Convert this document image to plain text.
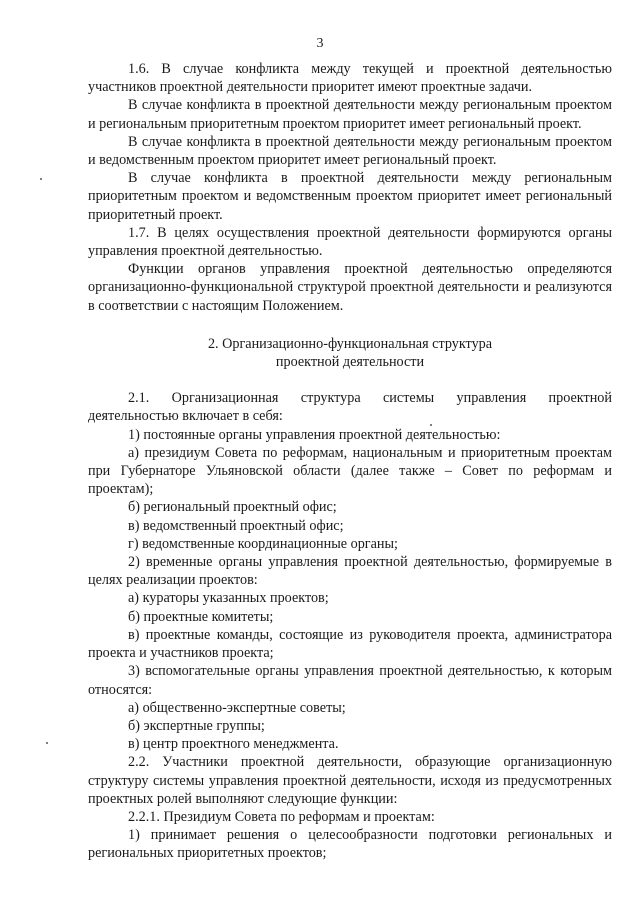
3

1.6. В случае конфликта между текущей и проектной деятельностью участников проектной деятельности приоритет имеют проектные задачи.

В случае конфликта в проектной деятельности между региональным проектом и региональным приоритетным проектом приоритет имеет региональный проект.

В случае конфликта в проектной деятельности между региональным проектом и ведомственным проектом приоритет имеет региональный проект.

В случае конфликта в проектной деятельности между региональным приоритетным проектом и ведомственным проектом приоритет имеет региональный приоритетный проект.

1.7. В целях осуществления проектной деятельности формируются органы управления проектной деятельностью.

Функции органов управления проектной деятельностью определяются организационно-функциональной структурой проектной деятельности и реализуются в соответствии с настоящим Положением.

2. Организационно-функциональная структура
проектной деятельности

2.1. Организационная структура системы управления проектной деятельностью включает в себя:

1) постоянные органы управления проектной деятельностью:

а) президиум Совета по реформам, национальным и приоритетным проектам при Губернаторе Ульяновской области (далее также – Совет по реформам и проектам);

б) региональный проектный офис;

в) ведомственный проектный офис;

г) ведомственные координационные органы;

2) временные органы управления проектной деятельностью, формируемые в целях реализации проектов:

а) кураторы указанных проектов;

б) проектные комитеты;

в) проектные команды, состоящие из руководителя проекта, администратора проекта и участников проекта;

3) вспомогательные органы управления проектной деятельностью, к которым относятся:

а) общественно-экспертные советы;

б) экспертные группы;

в) центр проектного менеджмента.

2.2. Участники проектной деятельности, образующие организационную структуру системы управления проектной деятельности, исходя из предусмотренных проектных ролей выполняют следующие функции:

2.2.1. Президиум Совета по реформам и проектам:

1) принимает решения о целесообразности подготовки региональных и региональных приоритетных проектов;
